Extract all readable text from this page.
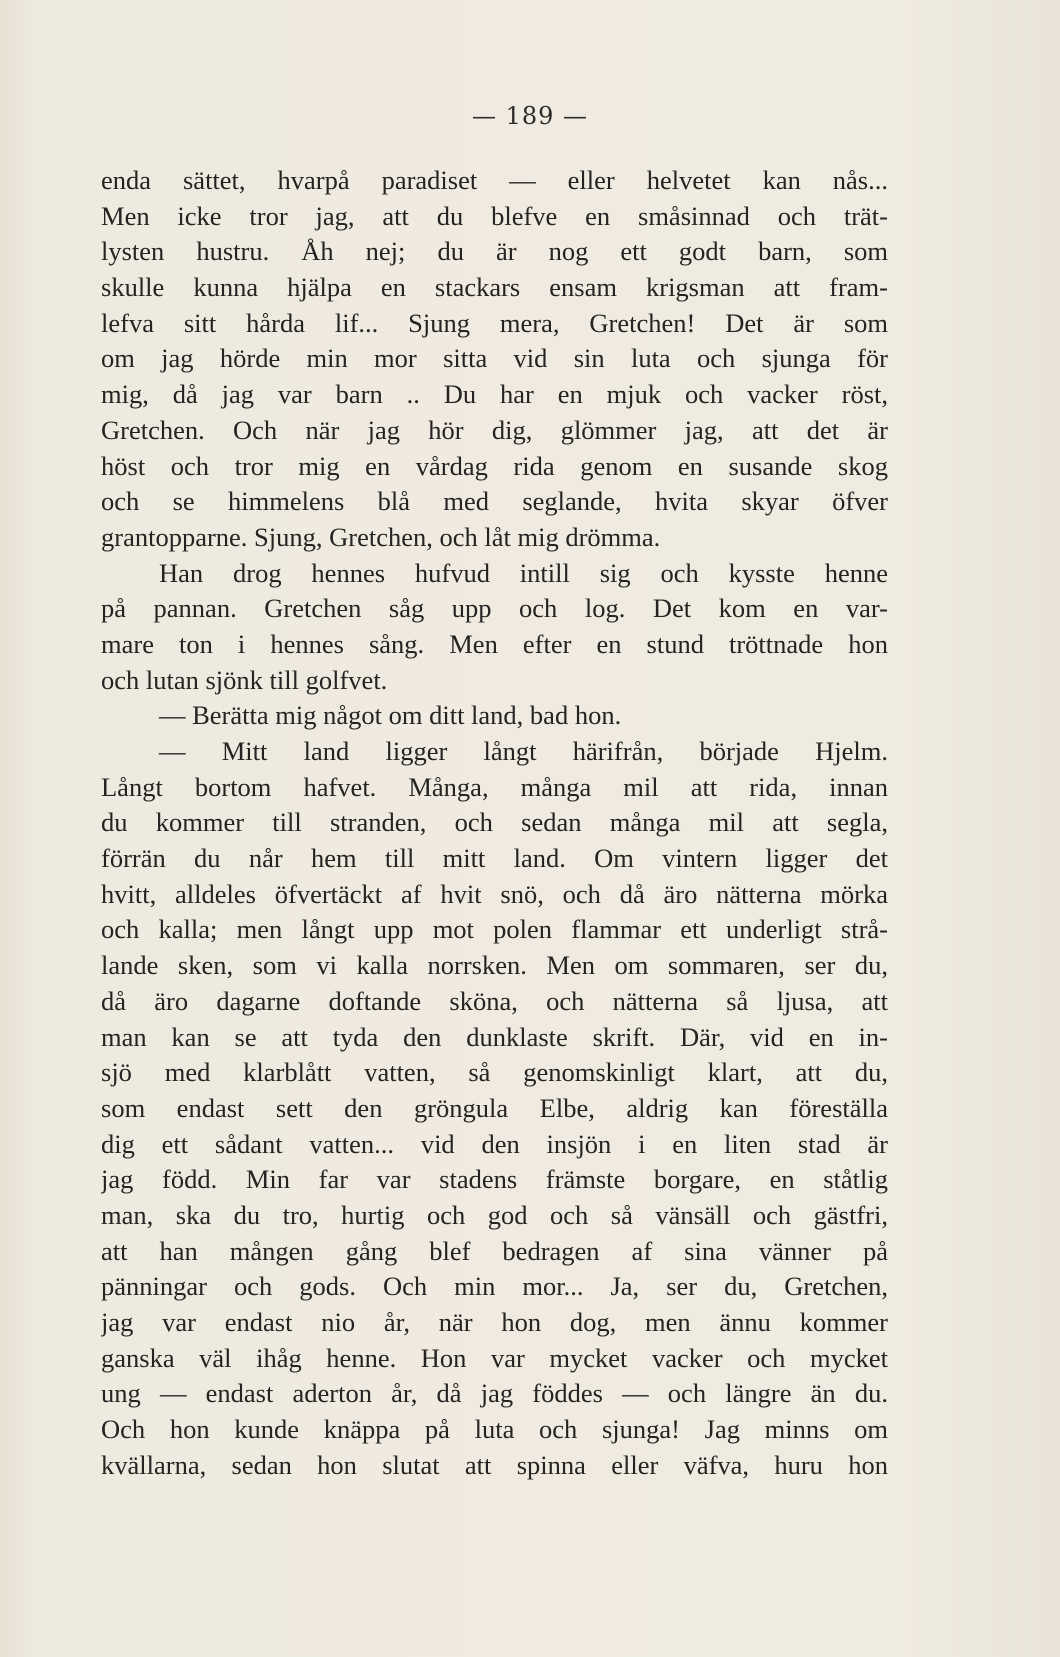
— 189 —
enda sättet, hvarpå paradiset — eller helvetet kan nås...
Men icke tror jag, att du blefve en småsinnad och trät-
lysten hustru. Åh nej; du är nog ett godt barn, som
skulle kunna hjälpa en stackars ensam krigsman att fram-
lefva sitt hårda lif... Sjung mera, Gretchen! Det är som
om jag hörde min mor sitta vid sin luta och sjunga för
mig, då jag var barn .. Du har en mjuk och vacker röst,
Gretchen. Och när jag hör dig, glömmer jag, att det är
höst och tror mig en vårdag rida genom en susande skog
och se himmelens blå med seglande, hvita skyar öfver
grantopparne. Sjung, Gretchen, och låt mig drömma.
Han drog hennes hufvud intill sig och kysste henne
på pannan. Gretchen såg upp och log. Det kom en var-
mare ton i hennes sång. Men efter en stund tröttnade hon
och lutan sjönk till golfvet.
— Berätta mig något om ditt land, bad hon.
— Mitt land ligger långt härifrån, började Hjelm.
Långt bortom hafvet. Många, många mil att rida, innan
du kommer till stranden, och sedan många mil att segla,
förrän du når hem till mitt land. Om vintern ligger det
hvitt, alldeles öfvertäckt af hvit snö, och då äro nätterna mörka
och kalla; men långt upp mot polen flammar ett underligt strå-
lande sken, som vi kalla norrsken. Men om sommaren, ser du,
då äro dagarne doftande sköna, och nätterna så ljusa, att
man kan se att tyda den dunklaste skrift. Där, vid en in-
sjö med klarblått vatten, så genomskinligt klart, att du,
som endast sett den gröngula Elbe, aldrig kan föreställa
dig ett sådant vatten... vid den insjön i en liten stad är
jag född. Min far var stadens främste borgare, en ståtlig
man, ska du tro, hurtig och god och så vänsäll och gästfri,
att han mången gång blef bedragen af sina vänner på
pänningar och gods. Och min mor... Ja, ser du, Gretchen,
jag var endast nio år, när hon dog, men ännu kommer
ganska väl ihåg henne. Hon var mycket vacker och mycket
ung — endast aderton år, då jag föddes — och längre än du.
Och hon kunde knäppa på luta och sjunga! Jag minns om
kvällarna, sedan hon slutat att spinna eller väfva, huru hon
